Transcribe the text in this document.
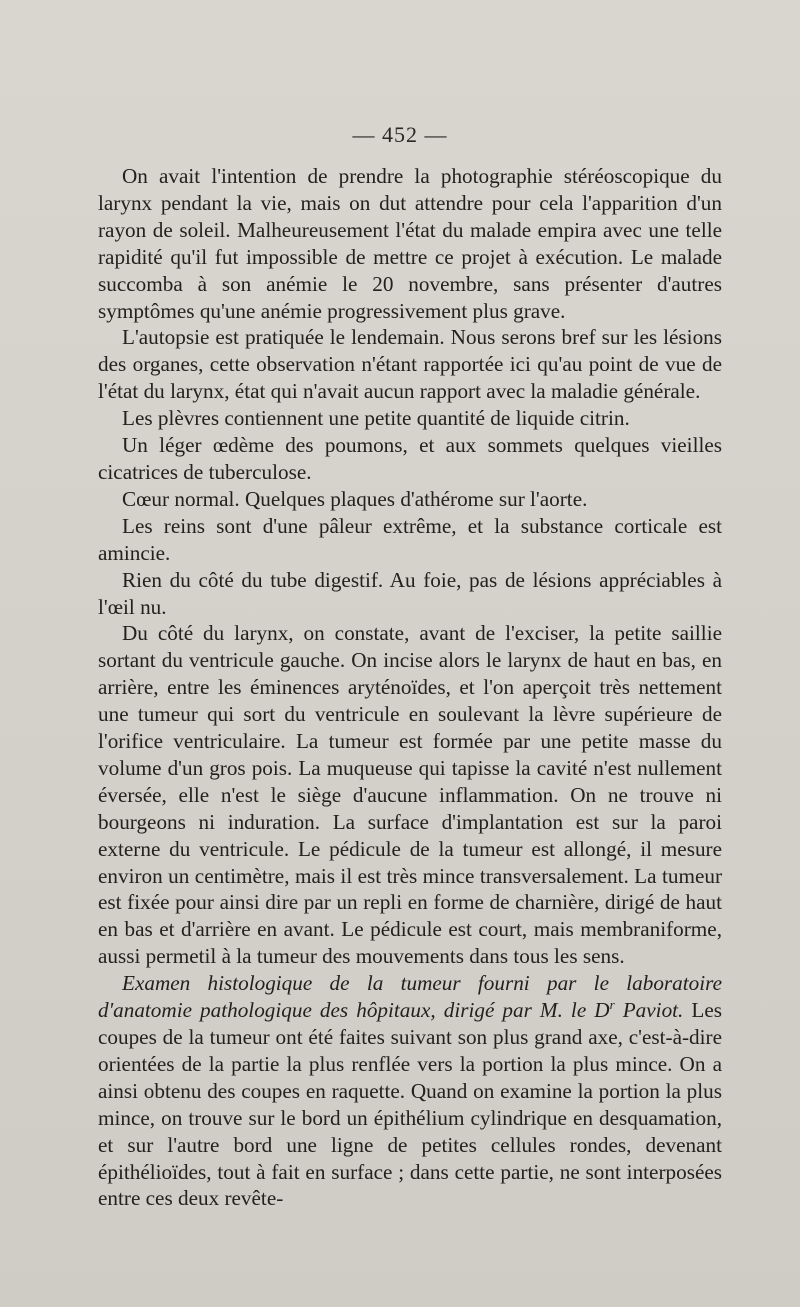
— 452 —

On avait l'intention de prendre la photographie stéréoscopique du larynx pendant la vie, mais on dut attendre pour cela l'apparition d'un rayon de soleil. Malheureusement l'état du malade empira avec une telle rapidité qu'il fut impossible de mettre ce projet à exécution. Le malade succomba à son anémie le 20 novembre, sans présenter d'autres symptômes qu'une anémie progressivement plus grave.

L'autopsie est pratiquée le lendemain. Nous serons bref sur les lésions des organes, cette observation n'étant rapportée ici qu'au point de vue de l'état du larynx, état qui n'avait aucun rapport avec la maladie générale.

Les plèvres contiennent une petite quantité de liquide citrin.

Un léger œdème des poumons, et aux sommets quelques vieilles cicatrices de tuberculose.

Cœur normal. Quelques plaques d'athérome sur l'aorte.

Les reins sont d'une pâleur extrême, et la substance corticale est amincie.

Rien du côté du tube digestif. Au foie, pas de lésions appréciables à l'œil nu.

Du côté du larynx, on constate, avant de l'exciser, la petite saillie sortant du ventricule gauche. On incise alors le larynx de haut en bas, en arrière, entre les éminences aryténoïdes, et l'on aperçoit très nettement une tumeur qui sort du ventricule en soulevant la lèvre supérieure de l'orifice ventriculaire. La tumeur est formée par une petite masse du volume d'un gros pois. La muqueuse qui tapisse la cavité n'est nullement éversée, elle n'est le siège d'aucune inflammation. On ne trouve ni bourgeons ni induration. La surface d'implantation est sur la paroi externe du ventricule. Le pédicule de la tumeur est allongé, il mesure environ un centimètre, mais il est très mince transversalement. La tumeur est fixée pour ainsi dire par un repli en forme de charnière, dirigé de haut en bas et d'arrière en avant. Le pédicule est court, mais membraniforme, aussi permetil à la tumeur des mouvements dans tous les sens.

Examen histologique de la tumeur fourni par le laboratoire d'anatomie pathologique des hôpitaux, dirigé par M. le $D^r$ Paviot. Les coupes de la tumeur ont été faites suivant son plus grand axe, c'est-à-dire orientées de la partie la plus renflée vers la portion la plus mince. On a ainsi obtenu des coupes en raquette. Quand on examine la portion la plus mince, on trouve sur le bord un épithélium cylindrique en desquamation, et sur l'autre bord une ligne de petites cellules rondes, devenant épithélioïdes, tout à fait en surface ; dans cette partie, ne sont interposées entre ces deux revête-
